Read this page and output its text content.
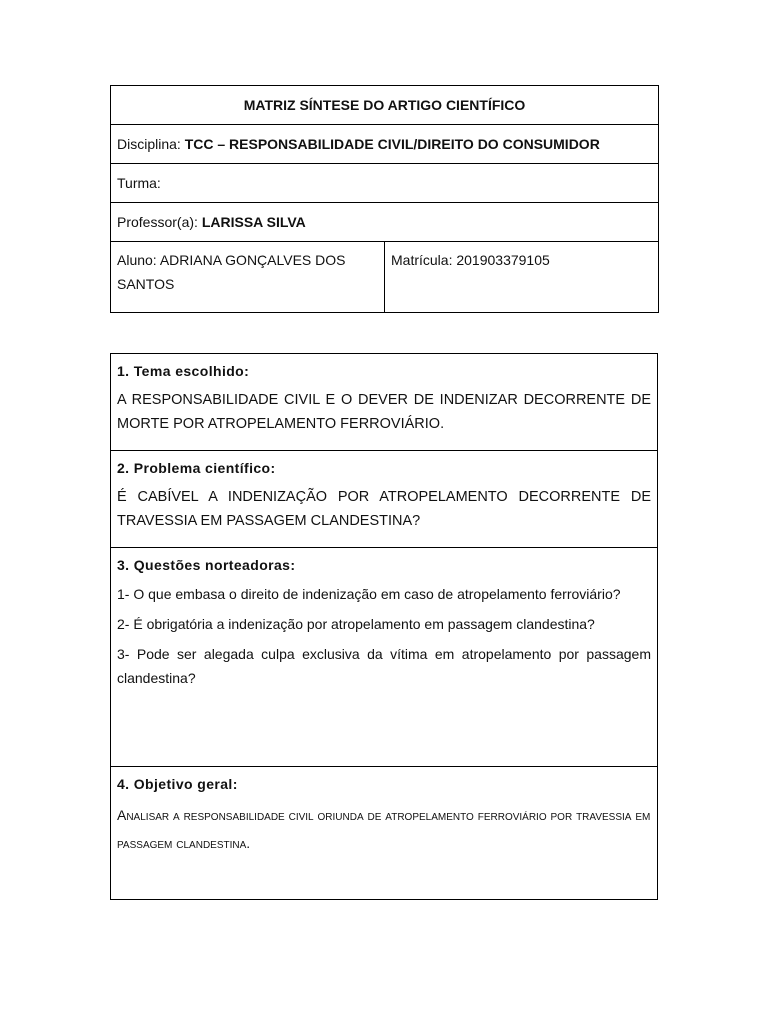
MATRIZ SÍNTESE DO ARTIGO CIENTÍFICO
Disciplina: TCC – RESPONSABILIDADE CIVIL/DIREITO DO CONSUMIDOR
Turma:
Professor(a): LARISSA SILVA

Aluno: ADRIANA GONÇALVES DOS
SANTOS

Matrícula: 201903379105
1. Tema escolhido:

A RESPONSABILIDADE CIVIL E O DEVER DE INDENIZAR DECORRENTE DE MORTE POR ATROPELAMENTO FERROVIÁRIO.

2. Problema científico:

É CABÍVEL A INDENIZAÇÃO POR ATROPELAMENTO DECORRENTE DE TRAVESSIA EM PASSAGEM CLANDESTINA?

3. Questões norteadoras:

1- O que embasa o direito de indenização em caso de atropelamento ferroviário?

2- É obrigatória a indenização por atropelamento em passagem clandestina?

3- Pode ser alegada culpa exclusiva da vítima em atropelamento por passagem clandestina?

4. Objetivo geral:

Analisar a responsabilidade civil oriunda de atropelamento ferroviário por travessia em passagem clandestina.
